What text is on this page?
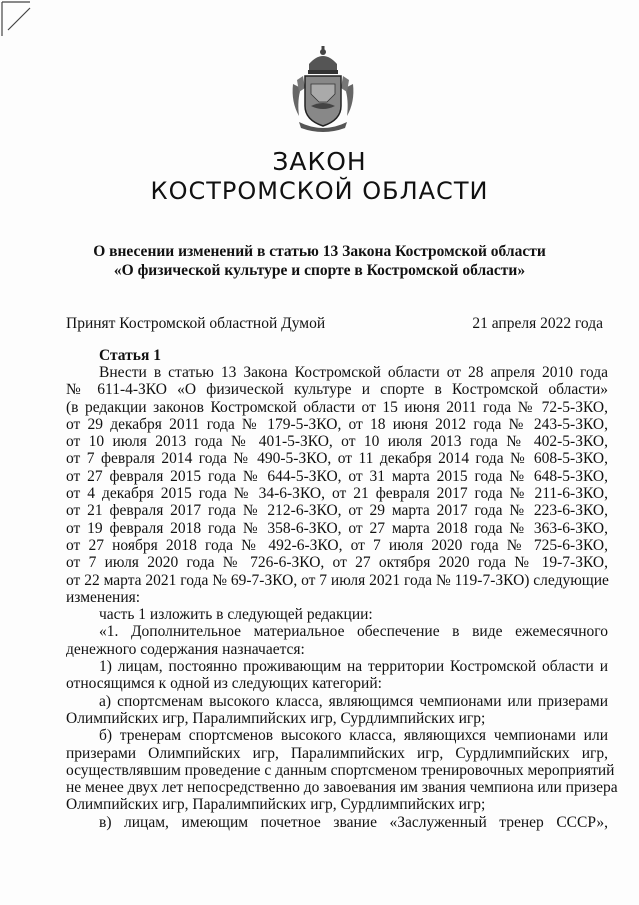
ЗАКОН
КОСТРОМСКОЙ ОБЛАСТИ
О внесении изменений в статью 13 Закона Костромской области
«О физической культуре и спорте в Костромской области»
Принят Костромской областной Думой	21 апреля 2022 года
Статья 1
Внести в статью 13 Закона Костромской области от 28 апреля 2010 года
№ 611-4-ЗКО «О физической культуре и спорте в Костромской области»
(в редакции законов Костромской области от 15 июня 2011 года № 72-5-ЗКО,
от 29 декабря 2011 года № 179-5-ЗКО, от 18 июня 2012 года № 243-5-ЗКО,
от 10 июля 2013 года № 401-5-ЗКО, от 10 июля 2013 года № 402-5-ЗКО,
от 7 февраля 2014 года № 490-5-ЗКО, от 11 декабря 2014 года № 608-5-ЗКО,
от 27 февраля 2015 года № 644-5-ЗКО, от 31 марта 2015 года № 648-5-ЗКО,
от 4 декабря 2015 года № 34-6-ЗКО, от 21 февраля 2017 года № 211-6-ЗКО,
от 21 февраля 2017 года № 212-6-ЗКО, от 29 марта 2017 года № 223-6-ЗКО,
от 19 февраля 2018 года № 358-6-ЗКО, от 27 марта 2018 года № 363-6-ЗКО,
от 27 ноября 2018 года № 492-6-ЗКО, от 7 июля 2020 года № 725-6-ЗКО,
от 7 июля 2020 года № 726-6-ЗКО, от 27 октября 2020 года № 19-7-ЗКО,
от 22 марта 2021 года № 69-7-ЗКО, от 7 июля 2021 года № 119-7-ЗКО) следующие
изменения:
часть 1 изложить в следующей редакции:
«1. Дополнительное материальное обеспечение в виде ежемесячного
денежного содержания назначается:
1) лицам, постоянно проживающим на территории Костромской области и
относящимся к одной из следующих категорий:
а) спортсменам высокого класса, являющимся чемпионами или призерами
Олимпийских игр, Паралимпийских игр, Сурдлимпийских игр;
б) тренерам спортсменов высокого класса, являющихся чемпионами или
призерами Олимпийских игр, Паралимпийских игр, Сурдлимпийских игр,
осуществлявшим проведение с данным спортсменом тренировочных мероприятий
не менее двух лет непосредственно до завоевания им звания чемпиона или призера
Олимпийских игр, Паралимпийских игр, Сурдлимпийских игр;
в) лицам, имеющим почетное звание «Заслуженный тренер СССР»,
